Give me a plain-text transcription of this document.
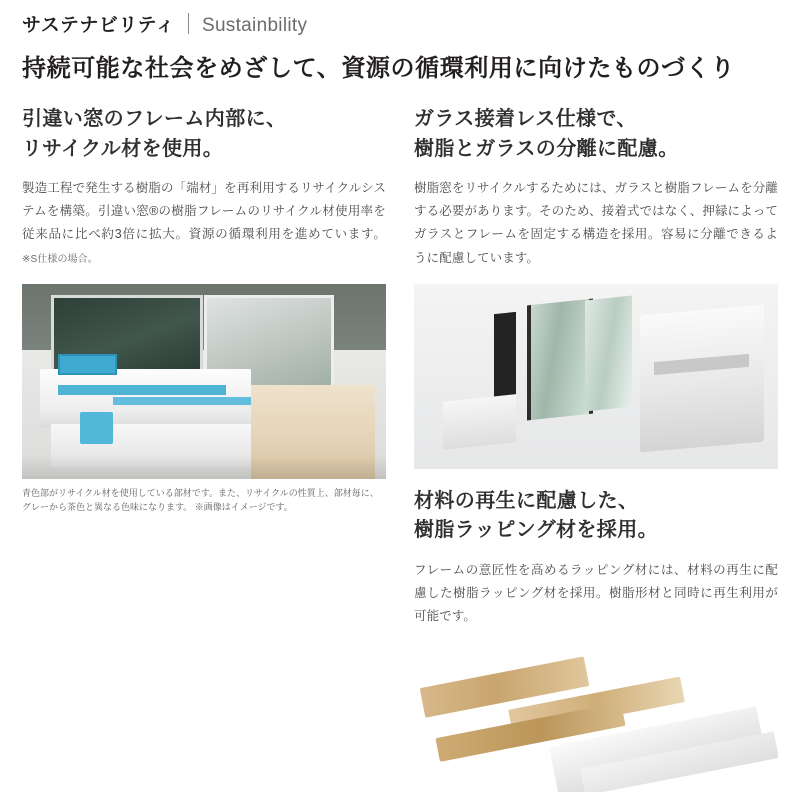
サステナビリティ Sustainbility
持続可能な社会をめざして、資源の循環利用に向けたものづくり
引違い窓のフレーム内部に、
リサイクル材を使用。
製造工程で発生する樹脂の「端材」を再利用するリサイクルシステムを構築。引違い窓®の樹脂フレームのリサイクル材使用率を従来品に比べ約3倍に拡大。資源の循環利用を進めています。 ※S仕様の場合。
青色部がリサイクル材を使用している部材です。また、リサイクルの性質上、部材毎に、グレーから茶色と異なる色味になります。 ※画像はイメージです。
ガラス接着レス仕様で、
樹脂とガラスの分離に配慮。
樹脂窓をリサイクルするためには、ガラスと樹脂フレームを分離する必要があります。そのため、接着式ではなく、押縁によってガラスとフレームを固定する構造を採用。容易に分離できるように配慮しています。
材料の再生に配慮した、
樹脂ラッピング材を採用。
フレームの意匠性を高めるラッピング材には、材料の再生に配慮した樹脂ラッピング材を採用。樹脂形材と同時に再生利用が可能です。
